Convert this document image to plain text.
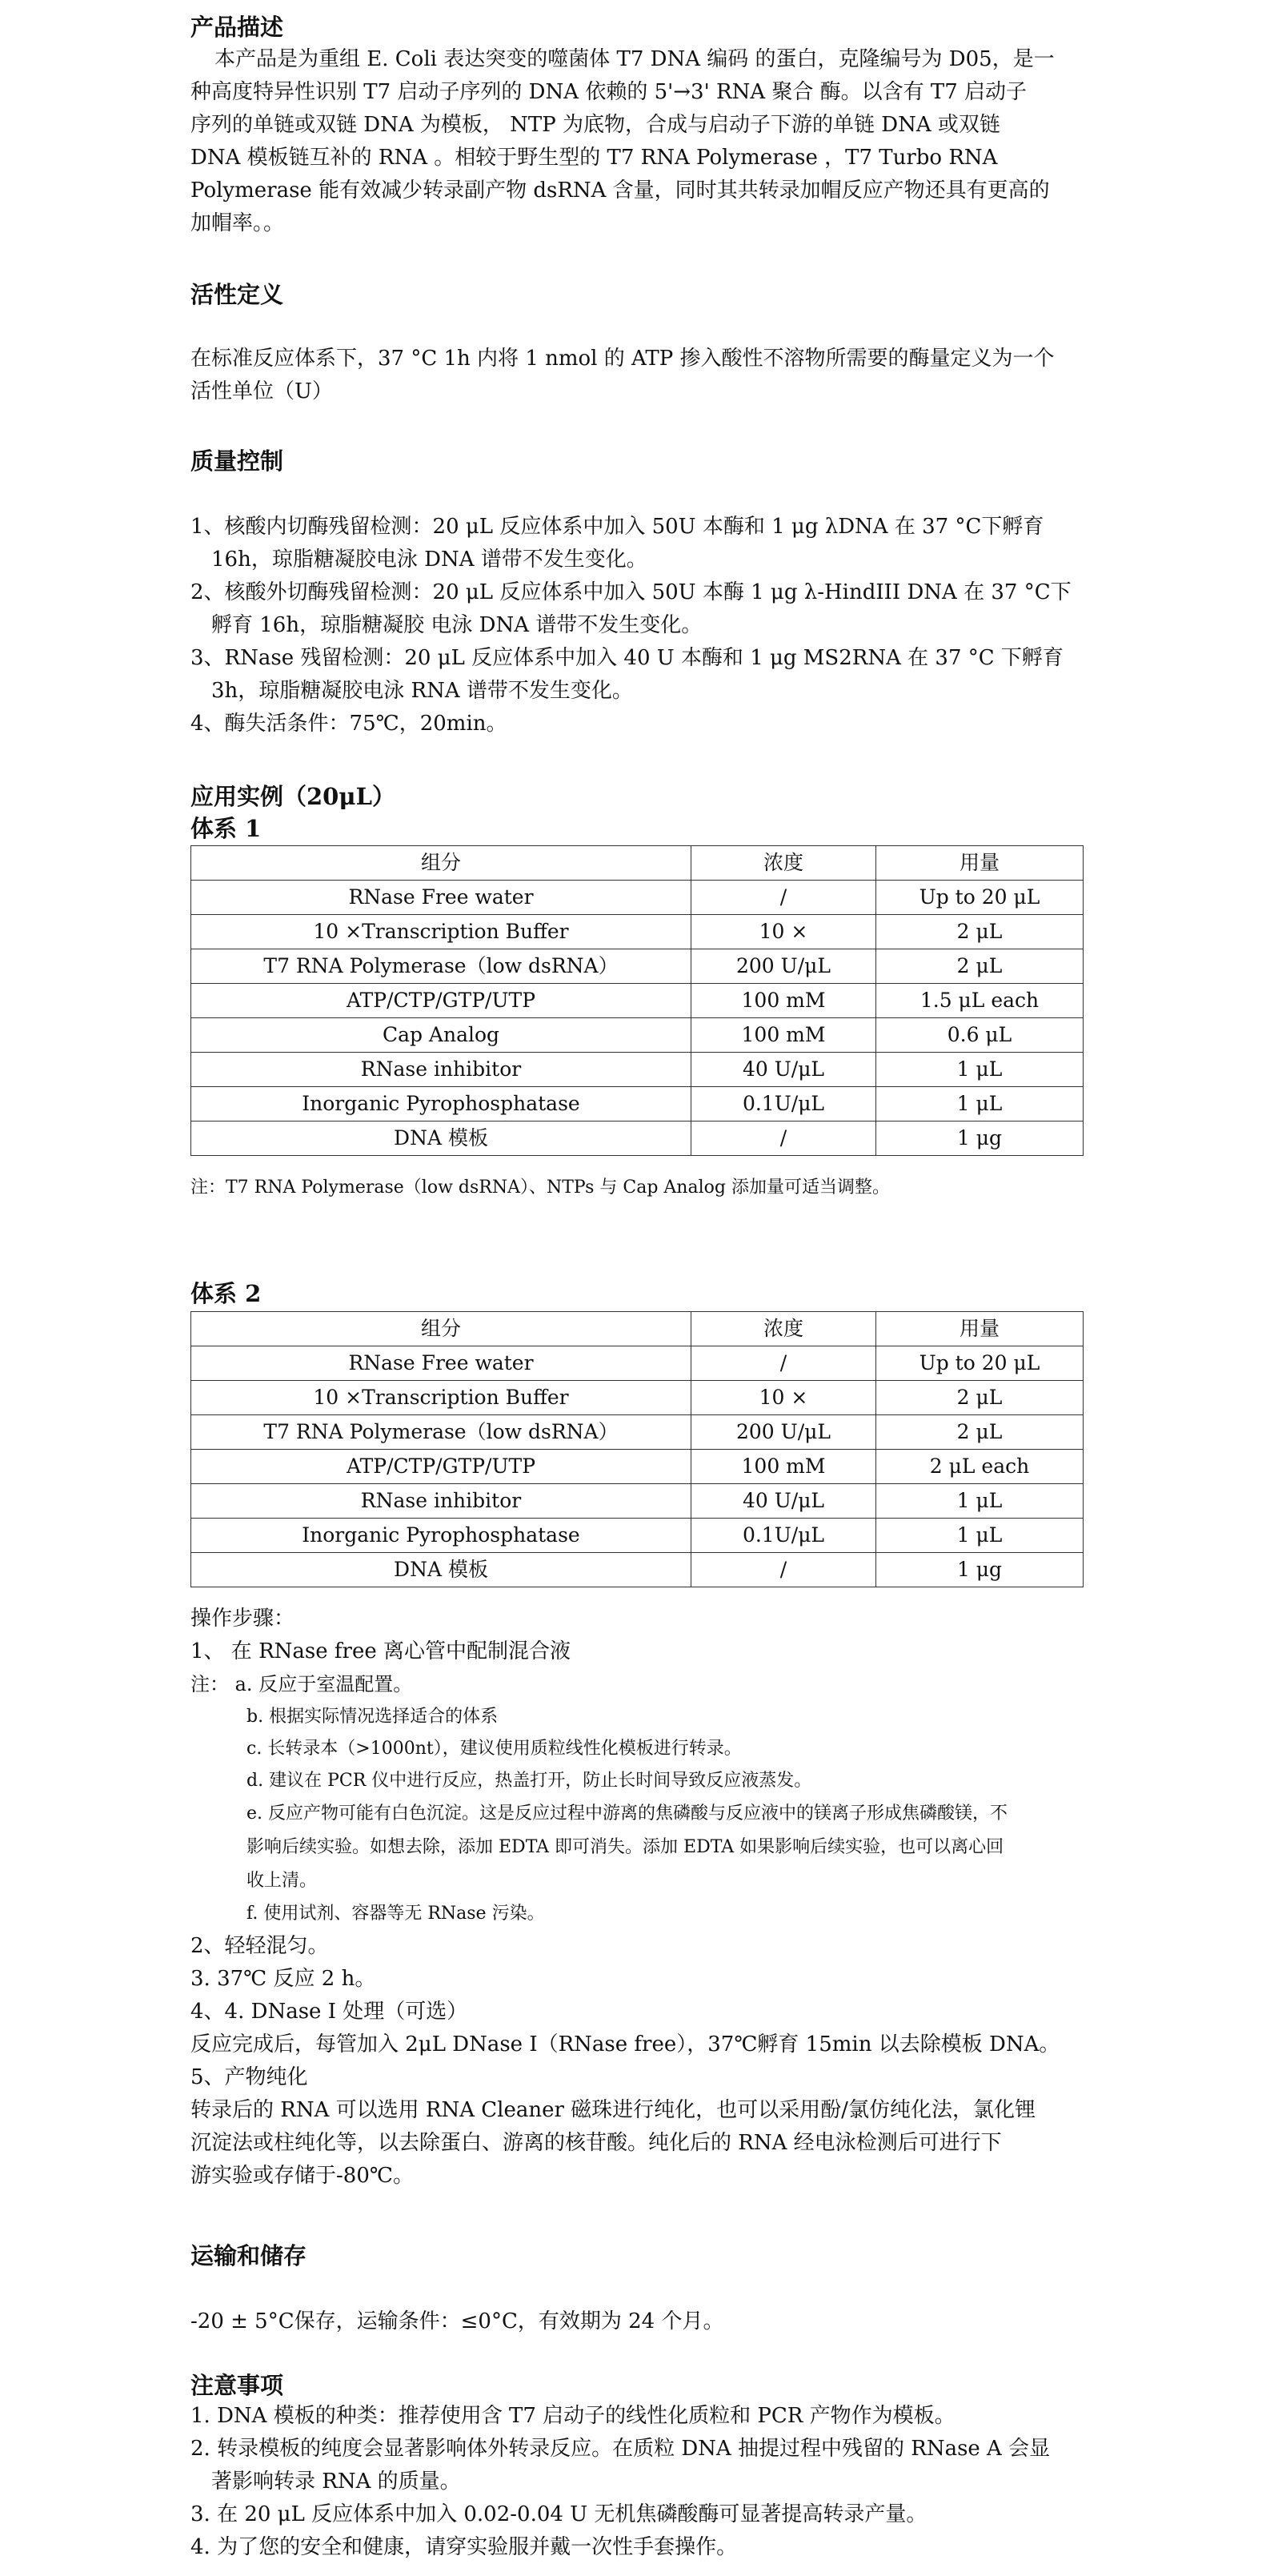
产品描述

本产品是为重组 E. Coli 表达突变的噬菌体 T7 DNA 编码 的蛋白，克隆编号为 D05，是一

种高度特异性识别 T7 启动子序列的 DNA 依赖的 5'→3' RNA 聚合 酶。以含有 T7 启动子

序列的单链或双链 DNA 为模板， NTP 为底物，合成与启动子下游的单链 DNA 或双链

DNA 模板链互补的 RNA 。相较于野生型的 T7 RNA Polymerase ，T7 Turbo RNA

Polymerase 能有效减少转录副产物 dsRNA 含量，同时其共转录加帽反应产物还具有更高的

加帽率。。

活性定义

在标准反应体系下，37 °C 1h 内将 1 nmol 的 ATP 掺入酸性不溶物所需要的酶量定义为一个

活性单位（U）

质量控制

1、核酸内切酶残留检测：20 μL 反应体系中加入 50U 本酶和 1 μg λDNA 在 37 °C下孵育

16h，琼脂糖凝胶电泳 DNA 谱带不发生变化。

2、核酸外切酶残留检测：20 μL 反应体系中加入 50U 本酶 1 μg λ-HindIII DNA 在 37 °C下

孵育 16h，琼脂糖凝胶 电泳 DNA 谱带不发生变化。

3、RNase 残留检测：20 μL 反应体系中加入 40 U 本酶和 1 μg MS2RNA 在 37 °C 下孵育

3h，琼脂糖凝胶电泳 RNA 谱带不发生变化。

4、酶失活条件：75℃，20min。

应用实例（20μL）
体系 1
组分	浓度	用量
RNase Free water	/	Up to 20 μL
10 ×Transcription Buffer	10 ×	2 μL
T7 RNA Polymerase（low dsRNA）	200 U/μL	2 μL
ATP/CTP/GTP/UTP	100 mM	1.5 μL each
Cap Analog	100 mM	0.6 μL
RNase inhibitor	40 U/μL	1 μL
Inorganic Pyrophosphatase	0.1U/μL	1 μL
DNA 模板	/	1 μg
注：T7 RNA Polymerase（low dsRNA）、NTPs 与 Cap Analog 添加量可适当调整。
体系 2
组分	浓度	用量
RNase Free water	/	Up to 20 μL
10 ×Transcription Buffer	10 ×	2 μL
T7 RNA Polymerase（low dsRNA）	200 U/μL	2 μL
ATP/CTP/GTP/UTP	100 mM	2 μL each
RNase inhibitor	40 U/μL	1 μL
Inorganic Pyrophosphatase	0.1U/μL	1 μL
DNA 模板	/	1 μg

操作步骤：

1、 在 RNase free 离心管中配制混合液

注： a. 反应于室温配置。

b. 根据实际情况选择适合的体系

c. 长转录本（>1000nt），建议使用质粒线性化模板进行转录。

d. 建议在 PCR 仪中进行反应，热盖打开，防止长时间导致反应液蒸发。

e. 反应产物可能有白色沉淀。这是反应过程中游离的焦磷酸与反应液中的镁离子形成焦磷酸镁，不

影响后续实验。如想去除，添加 EDTA 即可消失。添加 EDTA 如果影响后续实验，也可以离心回

收上清。

f. 使用试剂、容器等无 RNase 污染。

2、轻轻混匀。

3. 37℃ 反应 2 h。

4、4. DNase I 处理（可选）

反应完成后，每管加入 2μL DNase I（RNase free），37℃孵育 15min 以去除模板 DNA。

5、产物纯化

转录后的 RNA 可以选用 RNA Cleaner 磁珠进行纯化，也可以采用酚/氯仿纯化法，氯化锂

沉淀法或柱纯化等，以去除蛋白、游离的核苷酸。纯化后的 RNA 经电泳检测后可进行下

游实验或存储于-80℃。

运输和储存
-20 ± 5°C保存，运输条件：≤0°C，有效期为 24 个月。
注意事项

1. DNA 模板的种类：推荐使用含 T7 启动子的线性化质粒和 PCR 产物作为模板。

2. 转录模板的纯度会显著影响体外转录反应。在质粒 DNA 抽提过程中残留的 RNase A 会显

著影响转录 RNA 的质量。

3. 在 20 μL 反应体系中加入 0.02-0.04 U 无机焦磷酸酶可显著提高转录产量。

4. 为了您的安全和健康，请穿实验服并戴一次性手套操作。
